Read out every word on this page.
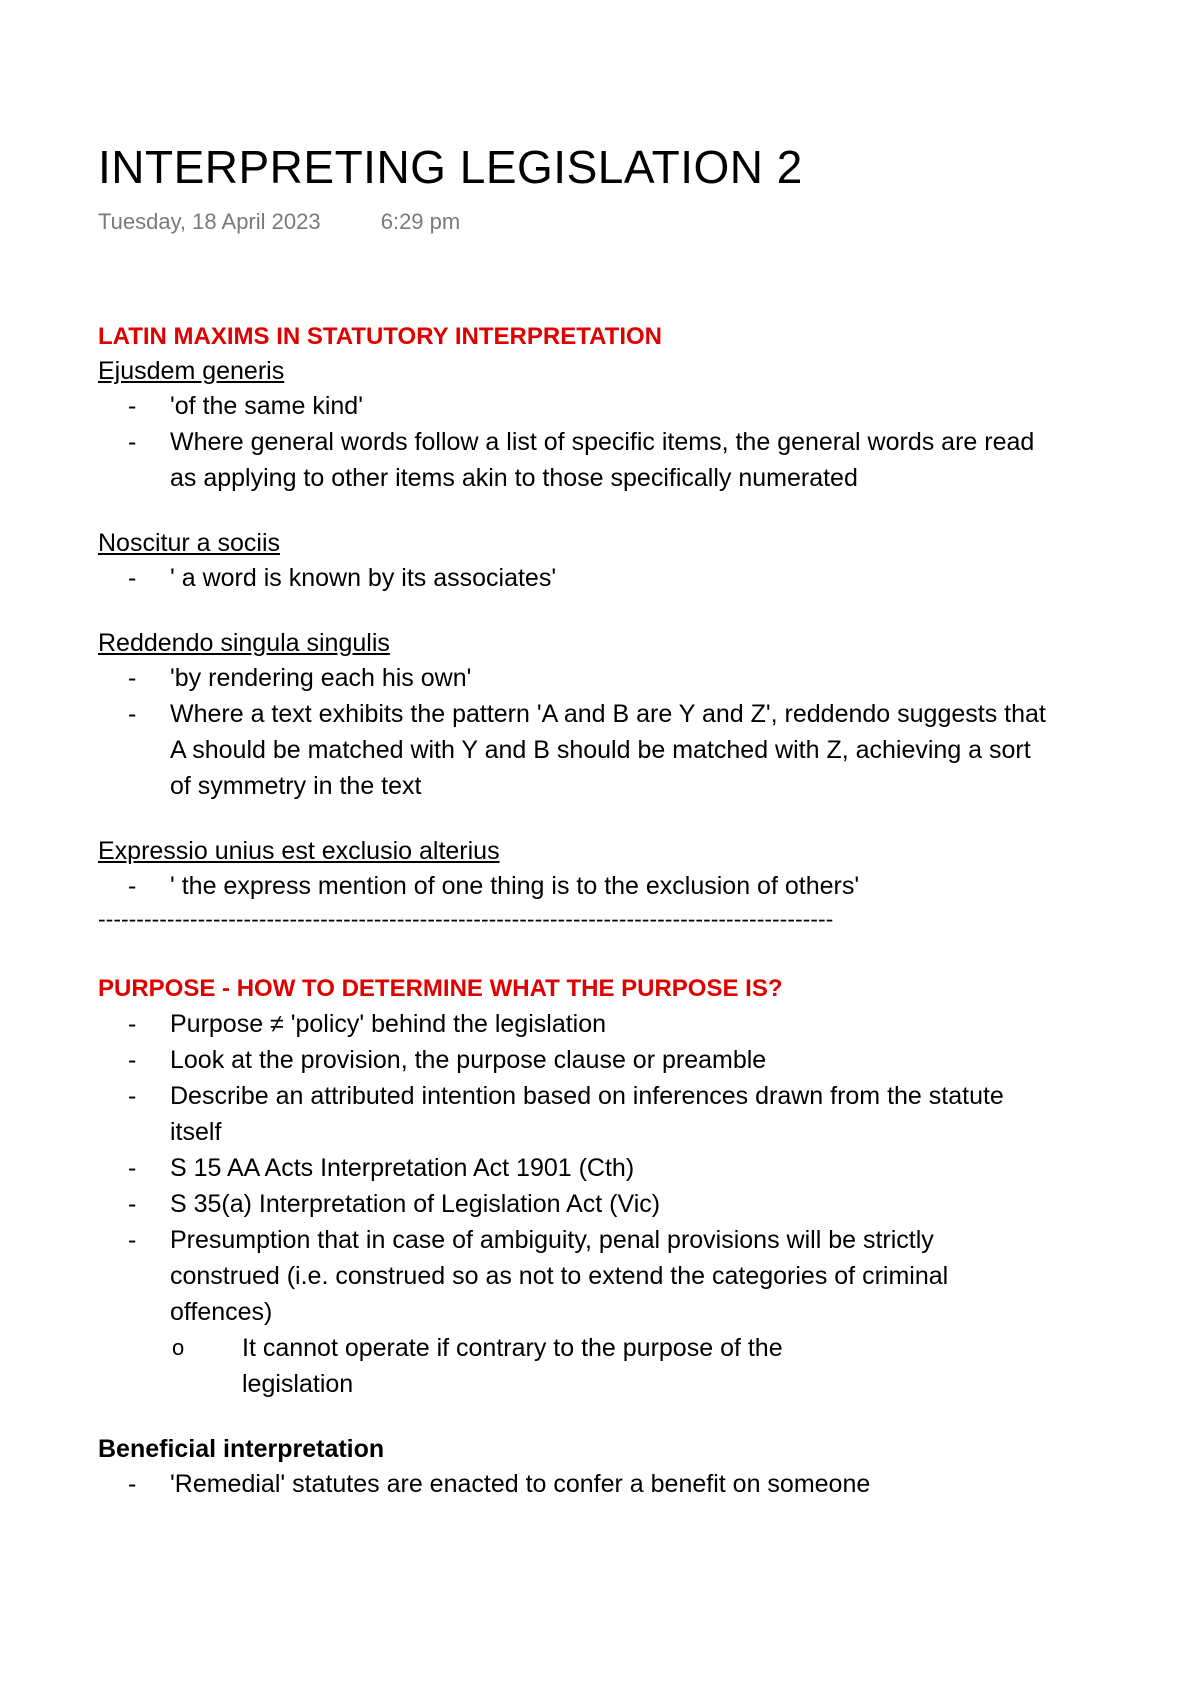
INTERPRETING LEGISLATION 2
Tuesday, 18 April 2023	6:29 pm
LATIN MAXIMS IN STATUTORY INTERPRETATION

Ejusdem generis

- 'of the same kind'
- Where general words follow a list of specific items, the general words are read as applying to other items akin to those specifically numerated

Noscitur a sociis

- ' a word is known by its associates'

Reddendo singula singulis

- 'by rendering each his own'
- Where a text exhibits the pattern 'A and B are Y and Z', reddendo suggests that A should be matched with Y and B should be matched with Z, achieving a sort of symmetry in the text

Expressio unius est exclusio alterius

- ' the express mention of one thing is to the exclusion of others'
------------------------------------------------------------------------------------------------
PURPOSE - HOW TO DETERMINE WHAT THE PURPOSE IS?
- Purpose ≠ 'policy' behind the legislation
- Look at the provision, the purpose clause or preamble
- Describe an attributed intention based on inferences drawn from the statute itself
- S 15 AA Acts Interpretation Act 1901 (Cth)
- S 35(a) Interpretation of Legislation Act (Vic)
- Presumption that in case of ambiguity, penal provisions will be strictly construed (i.e. construed so as not to extend the categories of criminal offences)
o It cannot operate if contrary to the purpose of the legislation

Beneficial interpretation

- 'Remedial' statutes are enacted to confer a benefit on someone
